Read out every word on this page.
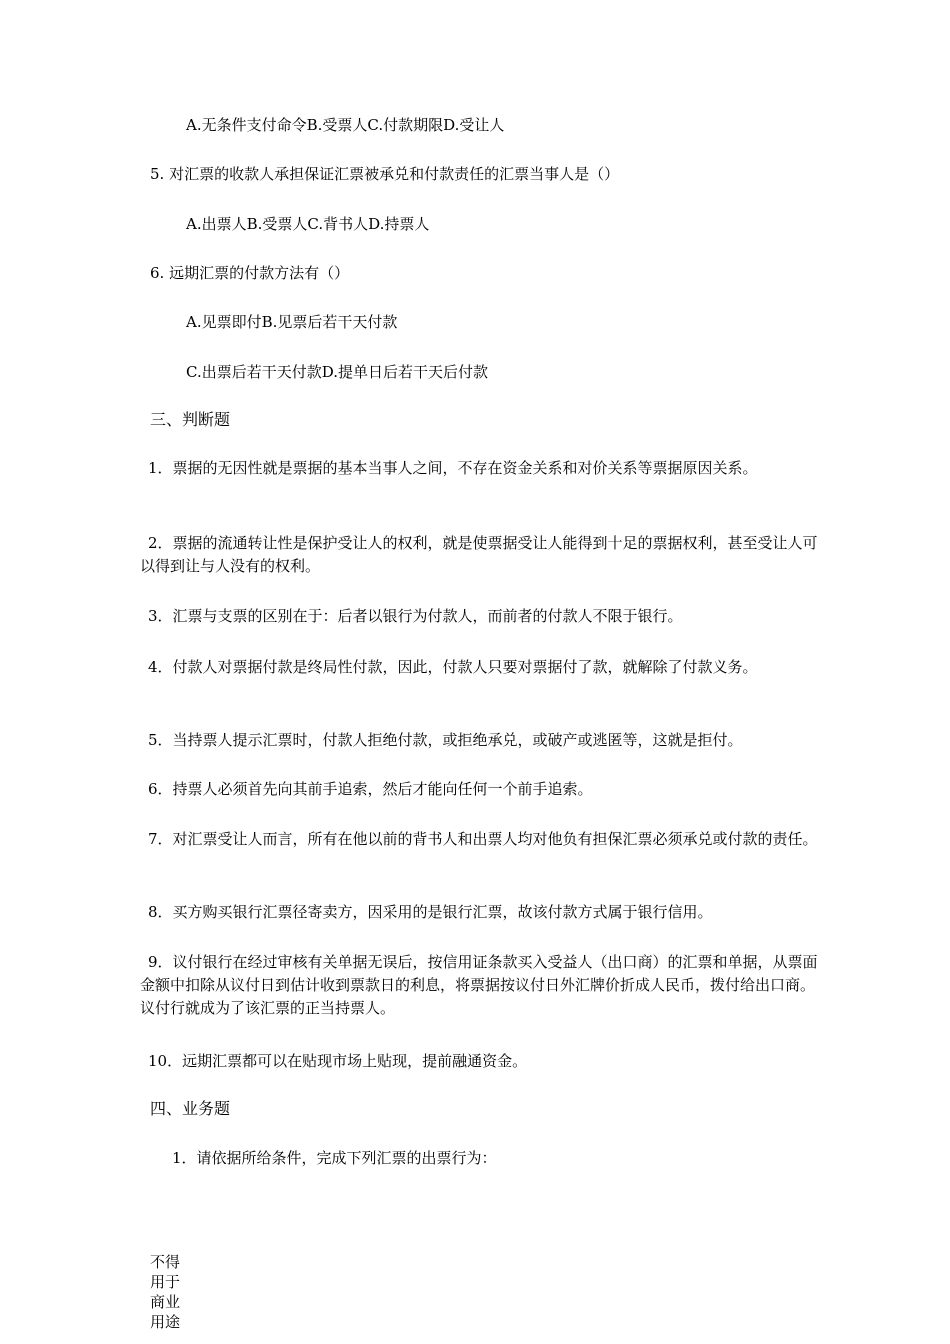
A.无条件支付命令B.受票人C.付款期限D.受让人
5. 对汇票的收款人承担保证汇票被承兑和付款责任的汇票当事人是（）
A.出票人B.受票人C.背书人D.持票人
6. 远期汇票的付款方法有（）
A.见票即付B.见票后若干天付款
C.出票后若干天付款D.提单日后若干天后付款
三、判断题
1．票据的无因性就是票据的基本当事人之间，不存在资金关系和对价关系等票据原因关系。
2．票据的流通转让性是保护受让人的权利，就是使票据受让人能得到十足的票据权利，甚至受让人可以得到让与人没有的权利。
3．汇票与支票的区别在于：后者以银行为付款人，而前者的付款人不限于银行。
4．付款人对票据付款是终局性付款，因此，付款人只要对票据付了款，就解除了付款义务。
5．当持票人提示汇票时，付款人拒绝付款，或拒绝承兑，或破产或逃匿等，这就是拒付。
6．持票人必须首先向其前手追索，然后才能向任何一个前手追索。
7．对汇票受让人而言，所有在他以前的背书人和出票人均对他负有担保汇票必须承兑或付款的责任。
8．买方购买银行汇票径寄卖方，因采用的是银行汇票，故该付款方式属于银行信用。
9．议付银行在经过审核有关单据无误后，按信用证条款买入受益人（出口商）的汇票和单据，从票面金额中扣除从议付日到估计收到票款日的利息，将票据按议付日外汇牌价折成人民币，拨付给出口商。议付行就成为了该汇票的正当持票人。
10．远期汇票都可以在贴现市场上贴现，提前融通资金。
四、业务题
1．请依据所给条件，完成下列汇票的出票行为：
不得用于商业用途
